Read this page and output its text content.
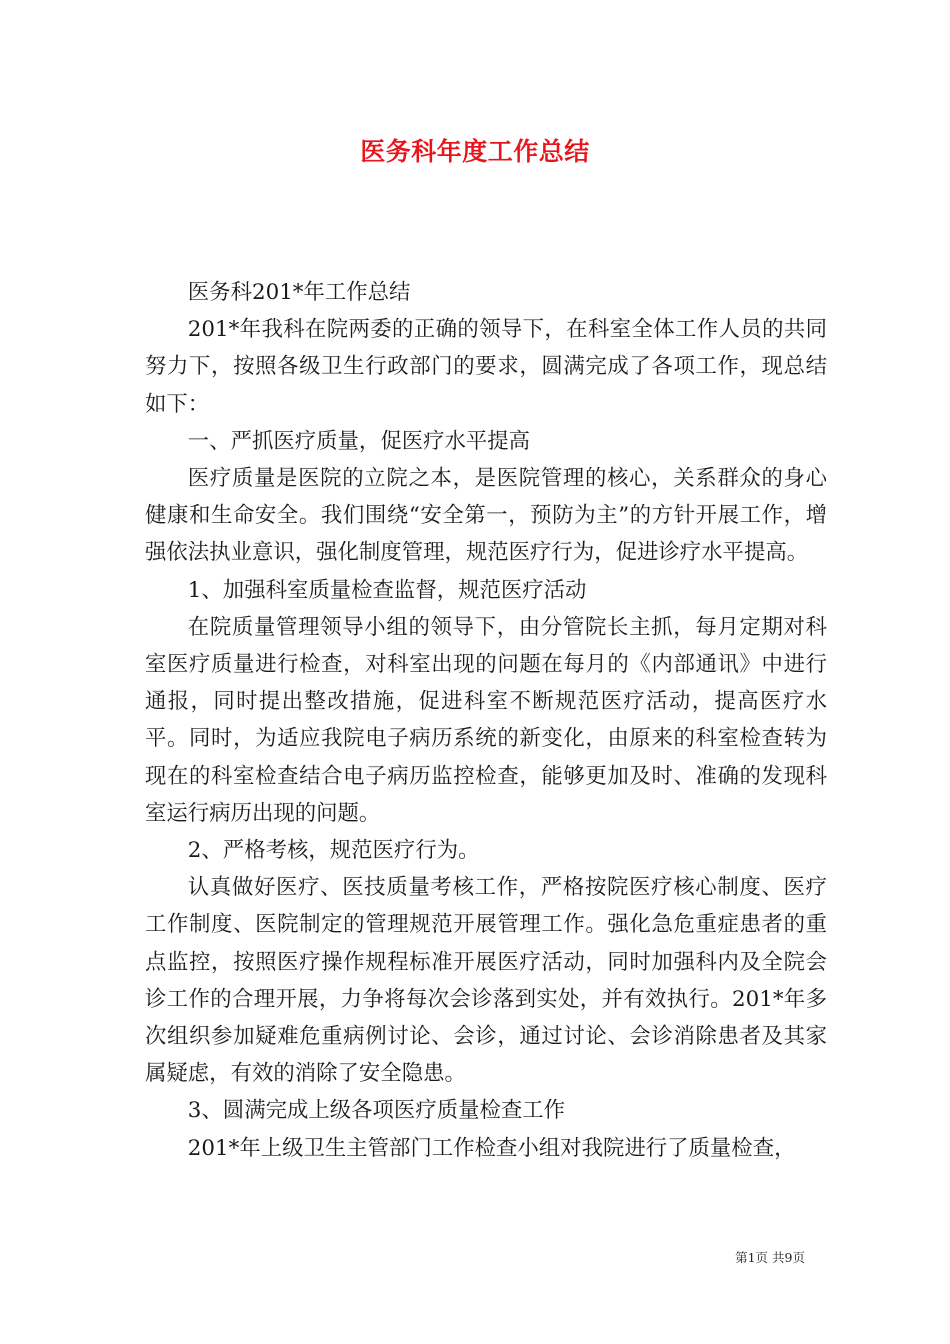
医务科年度工作总结

医务科201*年工作总结

201*年我科在院两委的正确的领导下，在科室全体工作人员的共同努力下，按照各级卫生行政部门的要求，圆满完成了各项工作，现总结如下：

一、严抓医疗质量，促医疗水平提高

医疗质量是医院的立院之本，是医院管理的核心，关系群众的身心健康和生命安全。我们围绕“安全第一，预防为主”的方针开展工作，增强依法执业意识，强化制度管理，规范医疗行为，促进诊疗水平提高。

1、加强科室质量检查监督，规范医疗活动

在院质量管理领导小组的领导下，由分管院长主抓，每月定期对科室医疗质量进行检查，对科室出现的问题在每月的《内部通讯》中进行通报，同时提出整改措施，促进科室不断规范医疗活动，提高医疗水平。同时，为适应我院电子病历系统的新变化，由原来的科室检查转为现在的科室检查结合电子病历监控检查，能够更加及时、准确的发现科室运行病历出现的问题。

2、严格考核，规范医疗行为。

认真做好医疗、医技质量考核工作，严格按院医疗核心制度、医疗工作制度、医院制定的管理规范开展管理工作。强化急危重症患者的重点监控，按照医疗操作规程标准开展医疗活动，同时加强科内及全院会诊工作的合理开展，力争将每次会诊落到实处，并有效执行。201*年多次组织参加疑难危重病例讨论、会诊，通过讨论、会诊消除患者及其家属疑虑，有效的消除了安全隐患。

3、圆满完成上级各项医疗质量检查工作

201*年上级卫生主管部门工作检查小组对我院进行了质量检查，

第1页 共9页
